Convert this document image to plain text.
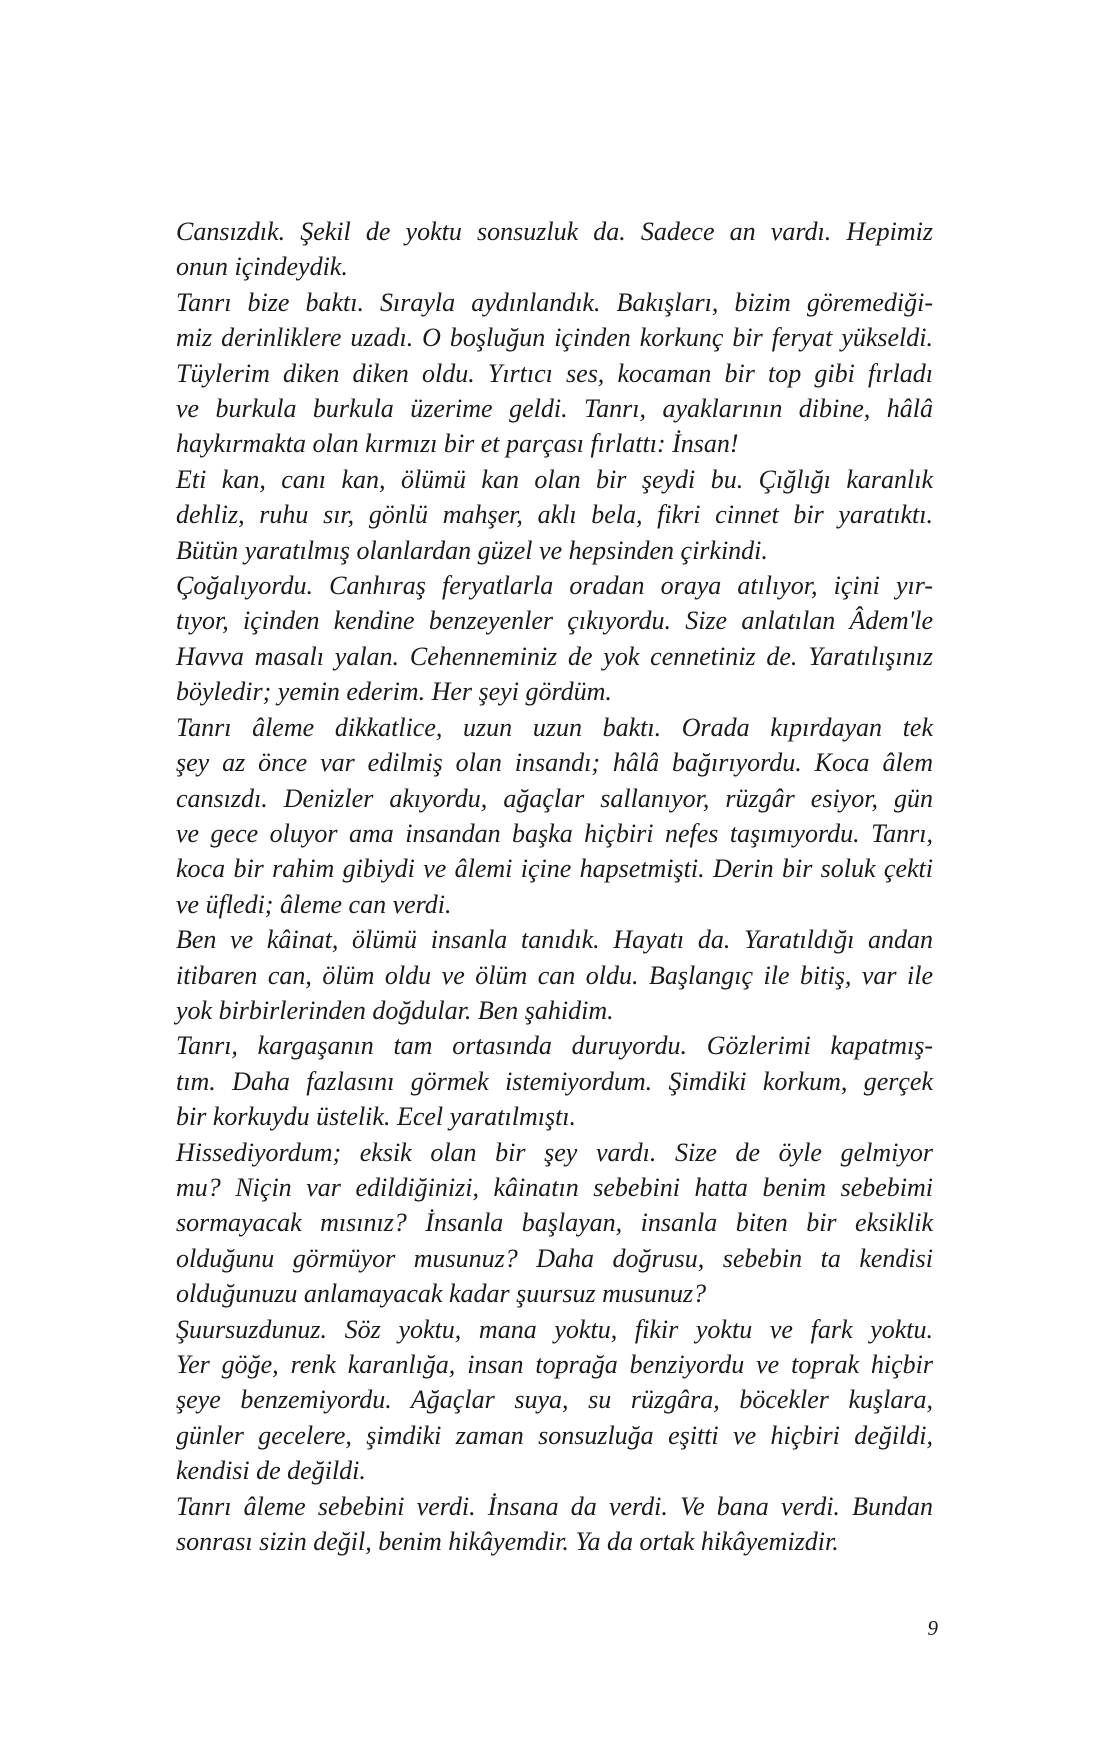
Cansızdık. Şekil de yoktu sonsuzluk da. Sadece an vardı. Hepimiz
onun içindeydik.
Tanrı bize baktı. Sırayla aydınlandık. Bakışları, bizim göremediği-
miz derinliklere uzadı. O boşluğun içinden korkunç bir feryat yükseldi.
Tüylerim diken diken oldu. Yırtıcı ses, kocaman bir top gibi fırladı
ve burkula burkula üzerime geldi. Tanrı, ayaklarının dibine, hâlâ
haykırmakta olan kırmızı bir et parçası fırlattı: İnsan!
Eti kan, canı kan, ölümü kan olan bir şeydi bu. Çığlığı karanlık
dehliz, ruhu sır, gönlü mahşer, aklı bela, fikri cinnet bir yaratıktı.
Bütün yaratılmış olanlardan güzel ve hepsinden çirkindi.
Çoğalıyordu. Canhıraş feryatlarla oradan oraya atılıyor, içini yır-
tıyor, içinden kendine benzeyenler çıkıyordu. Size anlatılan Âdem'le
Havva masalı yalan. Cehenneminiz de yok cennetiniz de. Yaratılışınız
böyledir; yemin ederim. Her şeyi gördüm.
Tanrı âleme dikkatlice, uzun uzun baktı. Orada kıpırdayan tek
şey az önce var edilmiş olan insandı; hâlâ bağırıyordu. Koca âlem
cansızdı. Denizler akıyordu, ağaçlar sallanıyor, rüzgâr esiyor, gün
ve gece oluyor ama insandan başka hiçbiri nefes taşımıyordu. Tanrı,
koca bir rahim gibiydi ve âlemi içine hapsetmişti. Derin bir soluk çekti
ve üfledi; âleme can verdi.
Ben ve kâinat, ölümü insanla tanıdık. Hayatı da. Yaratıldığı andan
itibaren can, ölüm oldu ve ölüm can oldu. Başlangıç ile bitiş, var ile
yok birbirlerinden doğdular. Ben şahidim.
Tanrı, kargaşanın tam ortasında duruyordu. Gözlerimi kapatmış-
tım. Daha fazlasını görmek istemiyordum. Şimdiki korkum, gerçek
bir korkuydu üstelik. Ecel yaratılmıştı.
Hissediyordum; eksik olan bir şey vardı. Size de öyle gelmiyor
mu? Niçin var edildiğinizi, kâinatın sebebini hatta benim sebebimi
sormayacak mısınız? İnsanla başlayan, insanla biten bir eksiklik
olduğunu görmüyor musunuz? Daha doğrusu, sebebin ta kendisi
olduğunuzu anlamayacak kadar şuursuz musunuz?
Şuursuzdunuz. Söz yoktu, mana yoktu, fikir yoktu ve fark yoktu.
Yer göğe, renk karanlığa, insan toprağa benziyordu ve toprak hiçbir
şeye benzemiyordu. Ağaçlar suya, su rüzgâra, böcekler kuşlara,
günler gecelere, şimdiki zaman sonsuzluğa eşitti ve hiçbiri değildi,
kendisi de değildi.
Tanrı âleme sebebini verdi. İnsana da verdi. Ve bana verdi. Bundan
sonrası sizin değil, benim hikâyemdir. Ya da ortak hikâyemizdir.
9
